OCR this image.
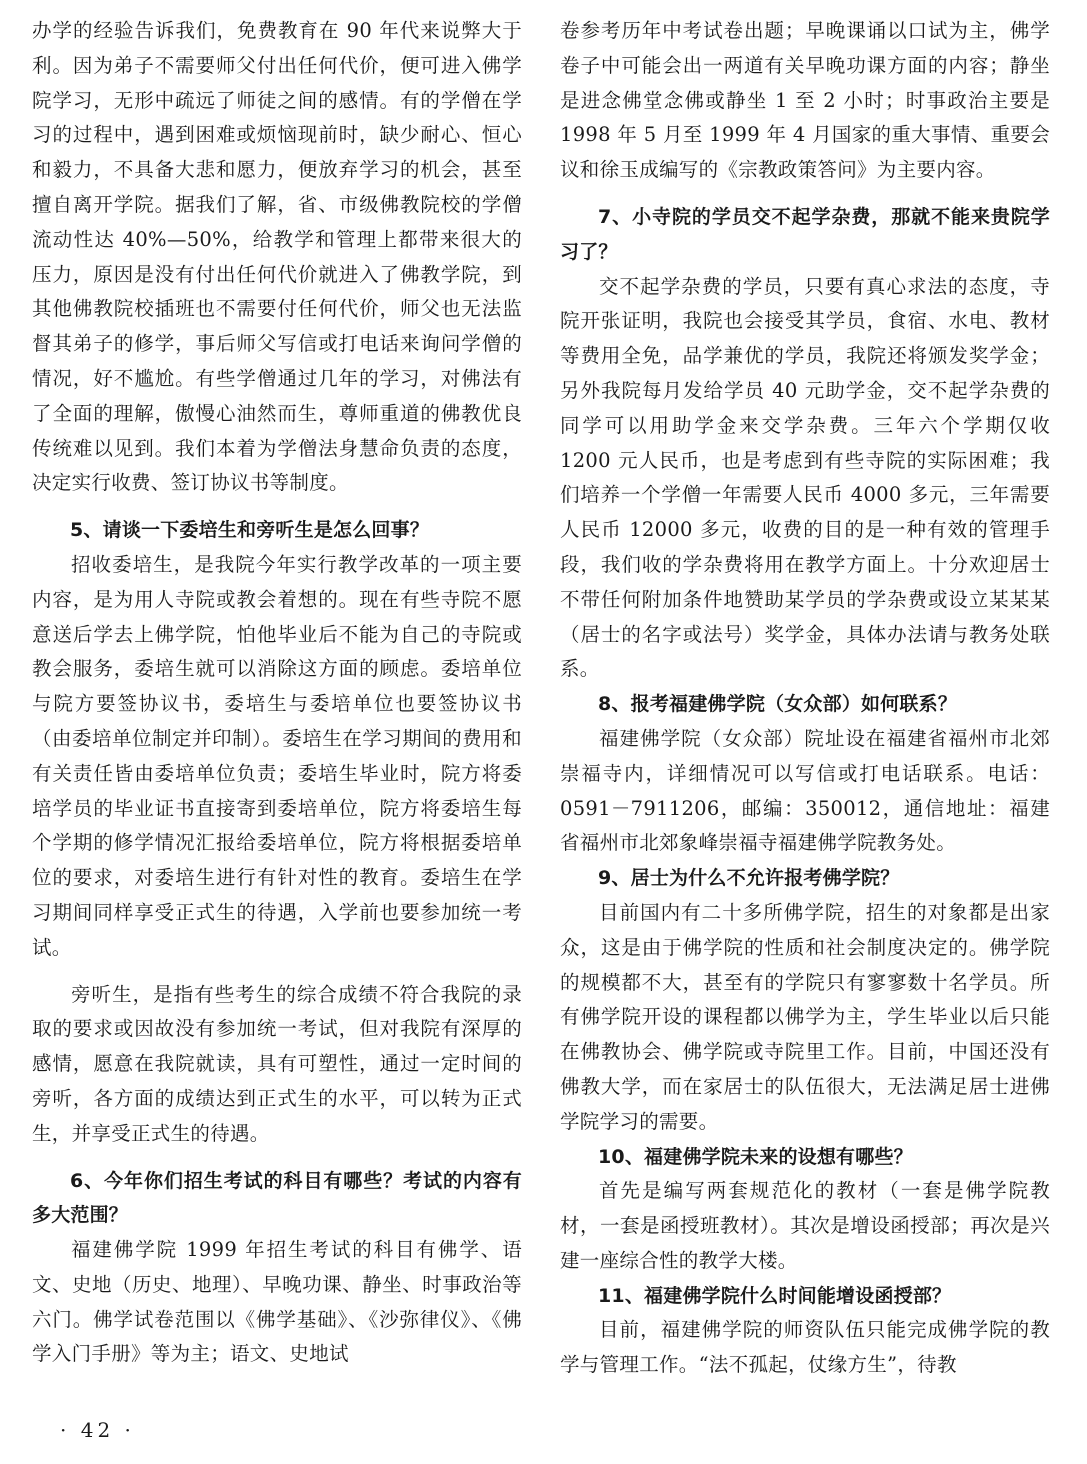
办学的经验告诉我们，免费教育在 90 年代来说弊大于利。因为弟子不需要师父付出任何代价，便可进入佛学院学习，无形中疏远了师徒之间的感情。有的学僧在学习的过程中，遇到困难或烦恼现前时，缺少耐心、恒心和毅力，不具备大悲和愿力，便放弃学习的机会，甚至擅自离开学院。据我们了解，省、市级佛教院校的学僧流动性达 40%—50%，给教学和管理上都带来很大的压力，原因是没有付出任何代价就进入了佛教学院，到其他佛教院校插班也不需要付任何代价，师父也无法监督其弟子的修学，事后师父写信或打电话来询问学僧的情况，好不尴尬。有些学僧通过几年的学习，对佛法有了全面的理解，傲慢心油然而生，尊师重道的佛教优良传统难以见到。我们本着为学僧法身慧命负责的态度，决定实行收费、签订协议书等制度。

5、请谈一下委培生和旁听生是怎么回事？

招收委培生，是我院今年实行教学改革的一项主要内容，是为用人寺院或教会着想的。现在有些寺院不愿意送后学去上佛学院，怕他毕业后不能为自己的寺院或教会服务，委培生就可以消除这方面的顾虑。委培单位与院方要签协议书，委培生与委培单位也要签协议书（由委培单位制定并印制）。委培生在学习期间的费用和有关责任皆由委培单位负责；委培生毕业时，院方将委培学员的毕业证书直接寄到委培单位，院方将委培生每个学期的修学情况汇报给委培单位，院方将根据委培单位的要求，对委培生进行有针对性的教育。委培生在学习期间同样享受正式生的待遇，入学前也要参加统一考试。

旁听生，是指有些考生的综合成绩不符合我院的录取的要求或因故没有参加统一考试，但对我院有深厚的感情，愿意在我院就读，具有可塑性，通过一定时间的旁听，各方面的成绩达到正式生的水平，可以转为正式生，并享受正式生的待遇。

6、今年你们招生考试的科目有哪些？考试的内容有多大范围？

福建佛学院 1999 年招生考试的科目有佛学、语文、史地（历史、地理）、早晚功课、静坐、时事政治等六门。佛学试卷范围以《佛学基础》、《沙弥律仪》、《佛学入门手册》等为主；语文、史地试

卷参考历年中考试卷出题；早晚课诵以口试为主，佛学卷子中可能会出一两道有关早晚功课方面的内容；静坐是进念佛堂念佛或静坐 1 至 2 小时；时事政治主要是 1998 年 5 月至 1999 年 4 月国家的重大事情、重要会议和徐玉成编写的《宗教政策答问》为主要内容。

7、小寺院的学员交不起学杂费，那就不能来贵院学习了？

交不起学杂费的学员，只要有真心求法的态度，寺院开张证明，我院也会接受其学员，食宿、水电、教材等费用全免，品学兼优的学员，我院还将颁发奖学金；另外我院每月发给学员 40 元助学金，交不起学杂费的同学可以用助学金来交学杂费。三年六个学期仅收 1200 元人民币，也是考虑到有些寺院的实际困难；我们培养一个学僧一年需要人民币 4000 多元，三年需要人民币 12000 多元，收费的目的是一种有效的管理手段，我们收的学杂费将用在教学方面上。十分欢迎居士不带任何附加条件地赞助某学员的学杂费或设立某某某（居士的名字或法号）奖学金，具体办法请与教务处联系。

8、报考福建佛学院（女众部）如何联系？

福建佛学院（女众部）院址设在福建省福州市北郊崇福寺内，详细情况可以写信或打电话联系。电话：0591－7911206，邮编：350012，通信地址：福建省福州市北郊象峰崇福寺福建佛学院教务处。

9、居士为什么不允许报考佛学院？

目前国内有二十多所佛学院，招生的对象都是出家众，这是由于佛学院的性质和社会制度决定的。佛学院的规模都不大，甚至有的学院只有寥寥数十名学员。所有佛学院开设的课程都以佛学为主，学生毕业以后只能在佛教协会、佛学院或寺院里工作。目前，中国还没有佛教大学，而在家居士的队伍很大，无法满足居士进佛学院学习的需要。

10、福建佛学院未来的设想有哪些？

首先是编写两套规范化的教材（一套是佛学院教材，一套是函授班教材）。其次是增设函授部；再次是兴建一座综合性的教学大楼。

11、福建佛学院什么时间能增设函授部？

目前，福建佛学院的师资队伍只能完成佛学院的教学与管理工作。“法不孤起，仗缘方生”，待教

· 42 ·
